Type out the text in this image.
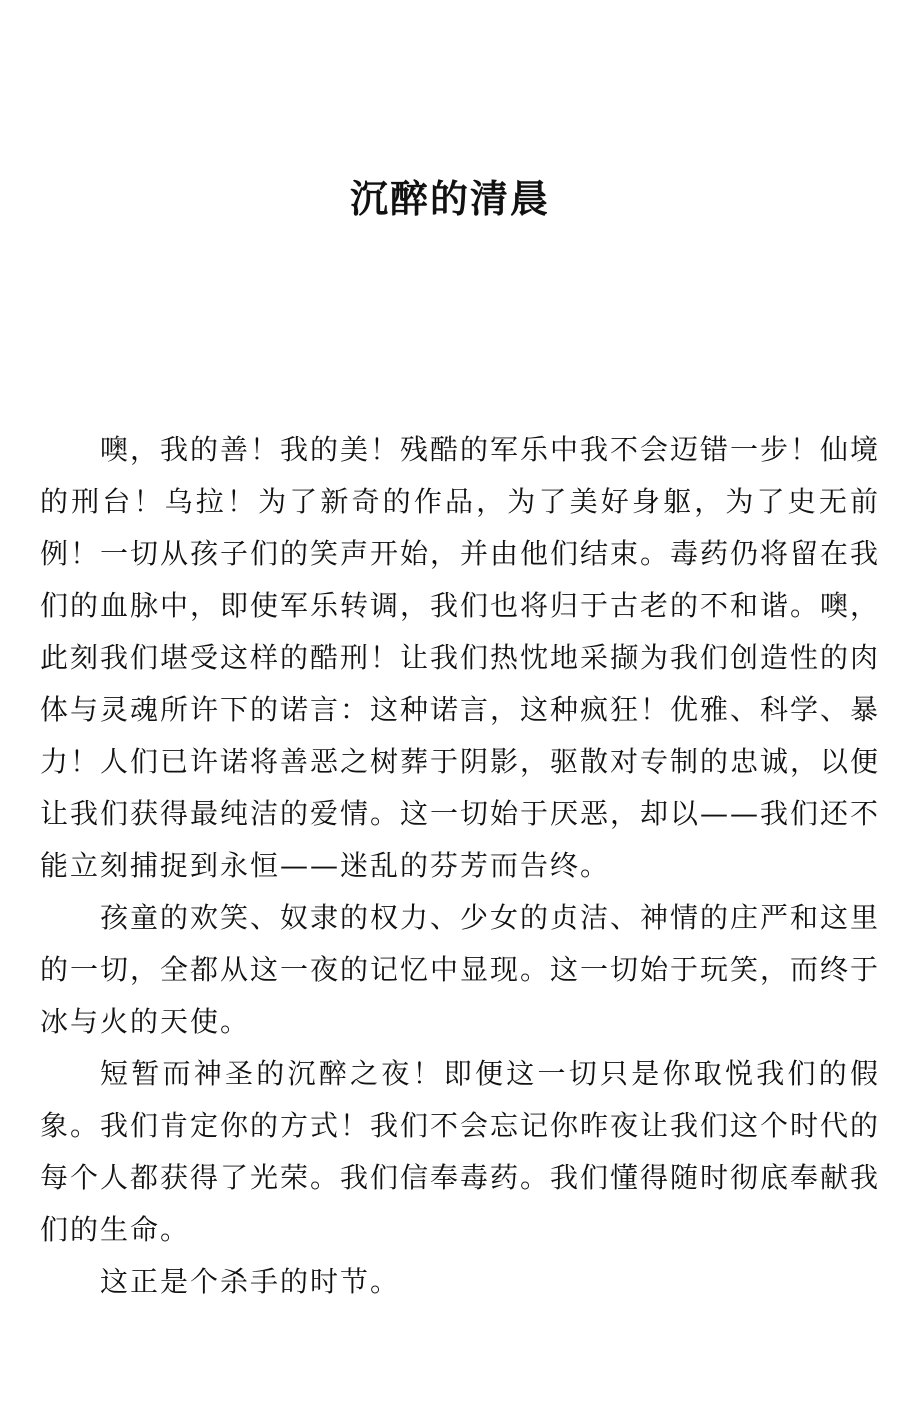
沉醉的清晨

噢，我的善！我的美！残酷的军乐中我不会迈错一步！仙境的刑台！乌拉！为了新奇的作品，为了美好身躯，为了史无前例！一切从孩子们的笑声开始，并由他们结束。毒药仍将留在我们的血脉中，即使军乐转调，我们也将归于古老的不和谐。噢，此刻我们堪受这样的酷刑！让我们热忱地采撷为我们创造性的肉体与灵魂所许下的诺言：这种诺言，这种疯狂！优雅、科学、暴力！人们已许诺将善恶之树葬于阴影，驱散对专制的忠诚，以便让我们获得最纯洁的爱情。这一切始于厌恶，却以——我们还不能立刻捕捉到永恒——迷乱的芬芳而告终。

孩童的欢笑、奴隶的权力、少女的贞洁、神情的庄严和这里的一切，全都从这一夜的记忆中显现。这一切始于玩笑，而终于冰与火的天使。

短暂而神圣的沉醉之夜！即便这一切只是你取悦我们的假象。我们肯定你的方式！我们不会忘记你昨夜让我们这个时代的每个人都获得了光荣。我们信奉毒药。我们懂得随时彻底奉献我们的生命。

这正是个杀手的时节。
